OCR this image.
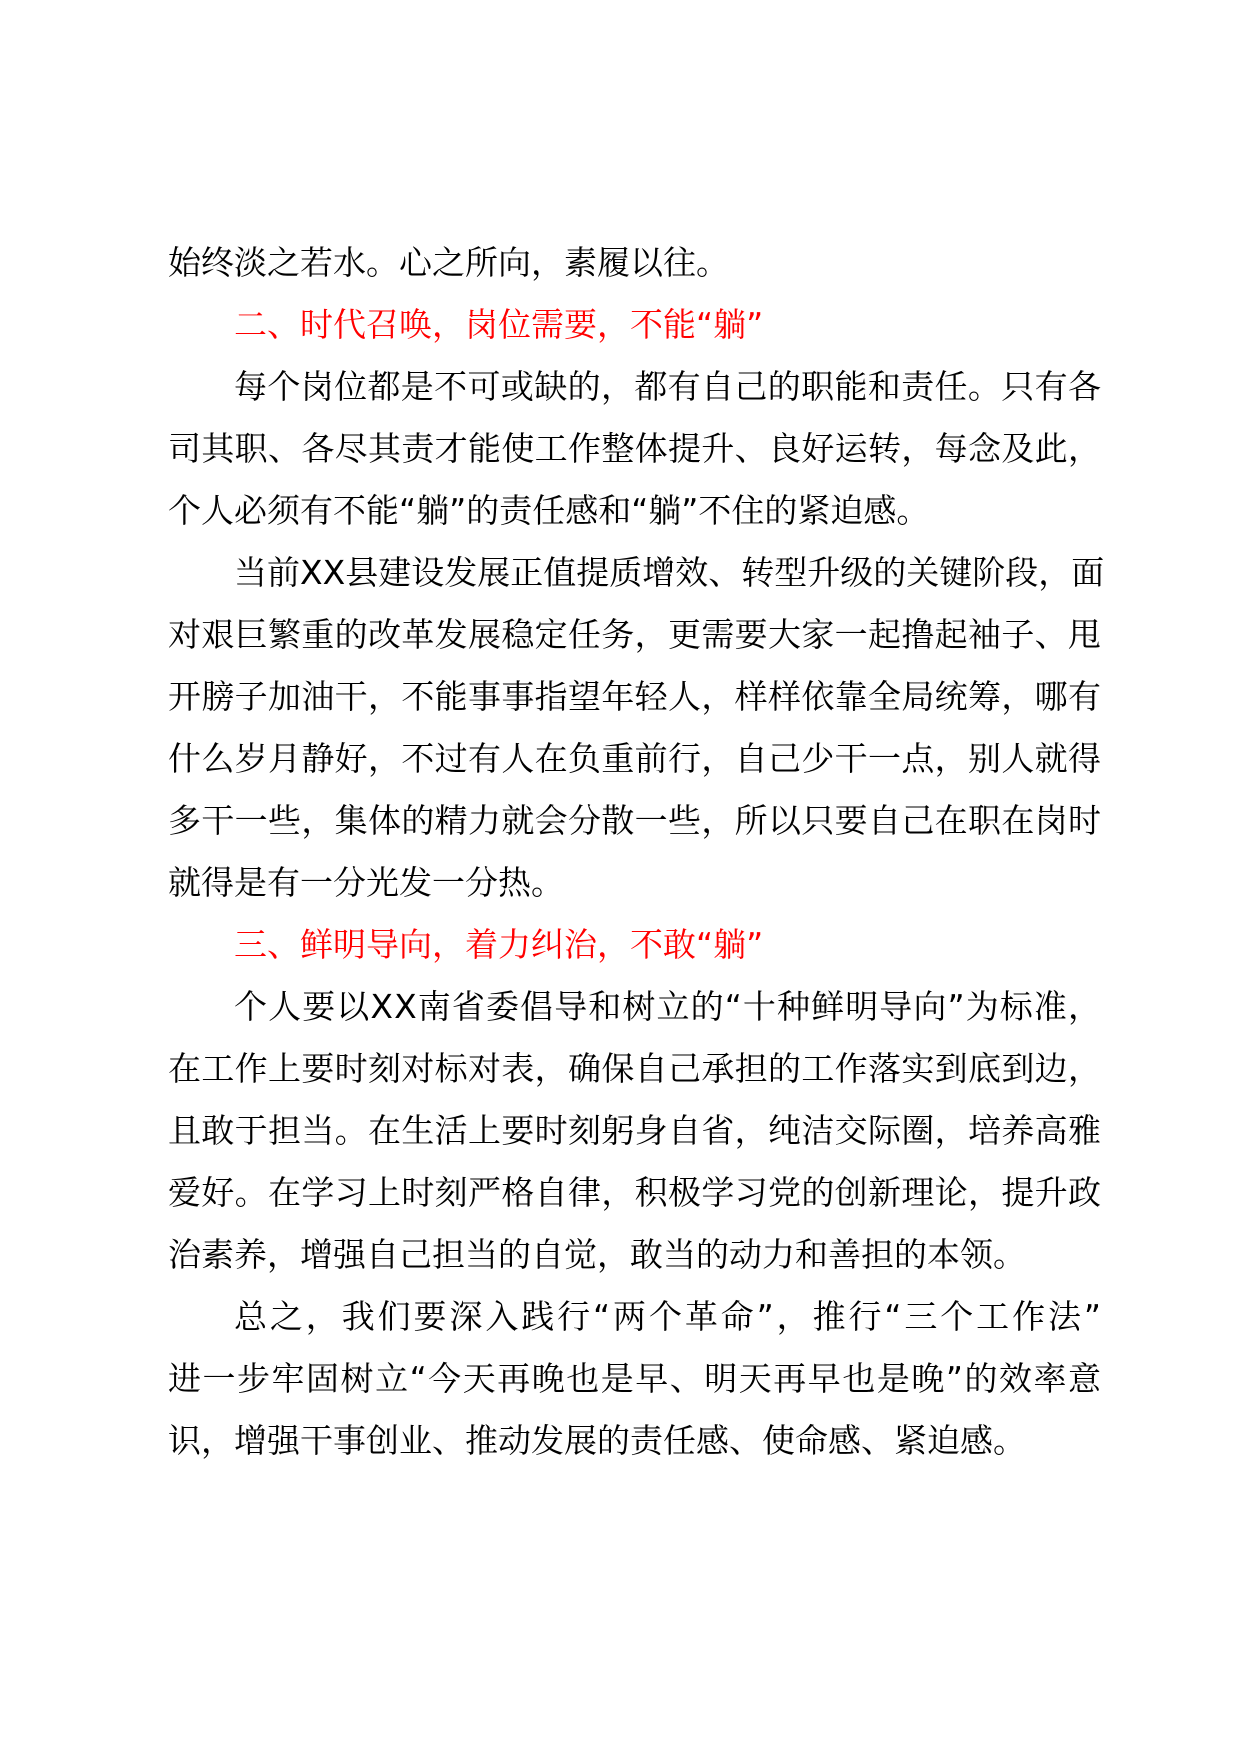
始终淡之若水。心之所向，素履以往。
二、时代召唤，岗位需要，不能“躺”
每个岗位都是不可或缺的，都有自己的职能和责任。只有各
司其职、各尽其责才能使工作整体提升、良好运转，每念及此，
个人必须有不能“躺”的责任感和“躺”不住的紧迫感。
当前XX县建设发展正值提质增效、转型升级的关键阶段，面
对艰巨繁重的改革发展稳定任务，更需要大家一起撸起袖子、甩
开膀子加油干，不能事事指望年轻人，样样依靠全局统筹，哪有
什么岁月静好，不过有人在负重前行，自己少干一点，别人就得
多干一些，集体的精力就会分散一些，所以只要自己在职在岗时
就得是有一分光发一分热。
三、鲜明导向，着力纠治，不敢“躺”
个人要以XX南省委倡导和树立的“十种鲜明导向”为标准，
在工作上要时刻对标对表，确保自己承担的工作落实到底到边，
且敢于担当。在生活上要时刻躬身自省，纯洁交际圈，培养高雅
爱好。在学习上时刻严格自律，积极学习党的创新理论，提升政
治素养，增强自己担当的自觉，敢当的动力和善担的本领。
总之，我们要深入践行“两个革命”，推行“三个工作法”
进一步牢固树立“今天再晚也是早、明天再早也是晚”的效率意
识，增强干事创业、推动发展的责任感、使命感、紧迫感。
